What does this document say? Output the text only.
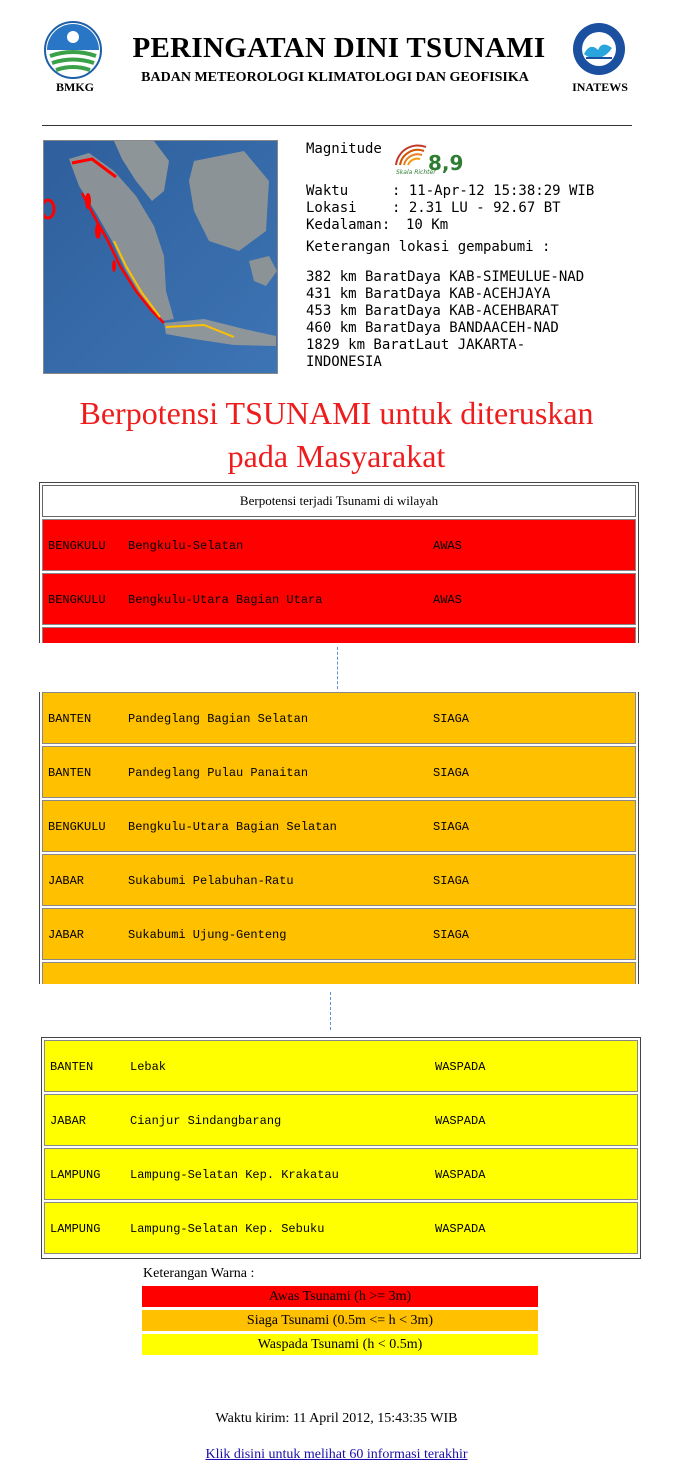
BMKG
PERINGATAN DINI TSUNAMI
BADAN METEOROLOGI KLIMATOLOGI DAN GEOFISIKA
INATEWS
Magnitude
Skala Richter
8,9
Waktu	: 11-Apr-12 15:38:29 WIB
Lokasi	: 2.31 LU - 92.67 BT
Kedalaman: 10 Km
Keterangan lokasi gempabumi :
382 km BaratDaya KAB-SIMEULUE-NAD
431 km BaratDaya KAB-ACEHJAYA
453 km BaratDaya KAB-ACEHBARAT
460 km BaratDaya BANDAACEH-NAD
1829 km BaratLaut JAKARTA-
INDONESIA
Berpotensi TSUNAMI untuk diteruskan
pada Masyarakat
Berpotensi terjadi Tsunami di wilayah
BENGKULU Bengkulu-Selatan	AWAS
BENGKULU Bengkulu-Utara Bagian Utara	AWAS
BANTEN	Pandeglang Bagian Selatan	SIAGA
BANTEN	Pandeglang Pulau Panaitan	SIAGA
BENGKULU Bengkulu-Utara Bagian Selatan	SIAGA
JABAR	Sukabumi Pelabuhan-Ratu	SIAGA
JABAR	Sukabumi Ujung-Genteng	SIAGA
BANTEN	Lebak	WASPADA
JABAR	Cianjur Sindangbarang	WASPADA
LAMPUNG Lampung-Selatan Kep. Krakatau	WASPADA
LAMPUNG Lampung-Selatan Kep. Sebuku	WASPADA
Keterangan Warna :
Awas Tsunami (h >= 3m)
Siaga Tsunami (0.5m <= h < 3m)
Waspada Tsunami (h < 0.5m)
Waktu kirim: 11 April 2012, 15:43:35 WIB
Klik disini untuk melihat 60 informasi terakhir
